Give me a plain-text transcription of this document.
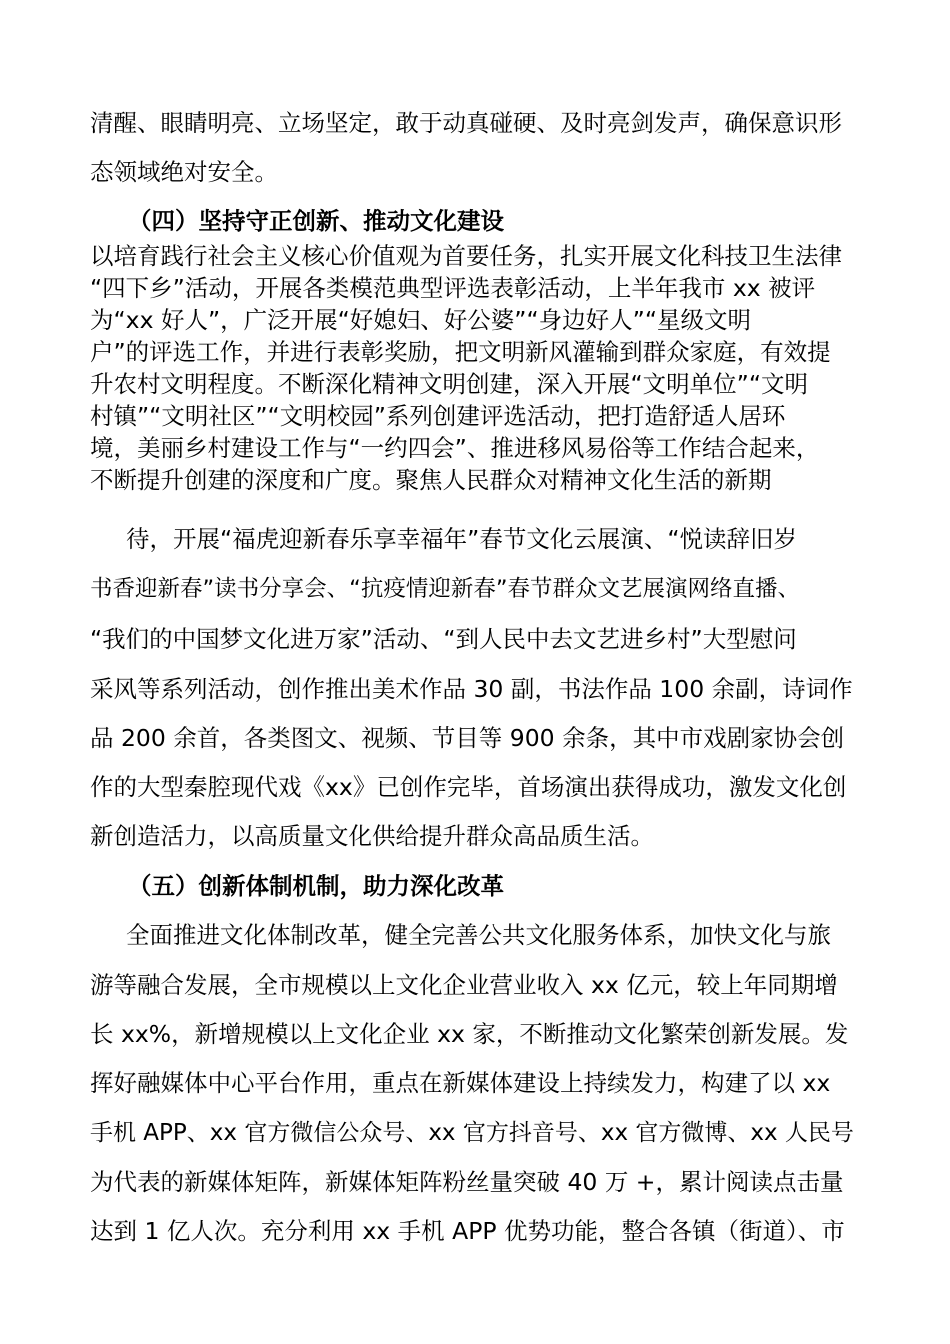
清醒、眼睛明亮、立场坚定，敢于动真碰硬、及时亮剑发声，确保意识形
态领域绝对安全。
（四）坚持守正创新、推动文化建设
以培育践行社会主义核心价值观为首要任务，扎实开展文化科技卫生法律
“四下乡”活动，开展各类模范典型评选表彰活动，上半年我市 xx 被评
为“xx 好人”，广泛开展“好媳妇、好公婆”“身边好人”“星级文明
户”的评选工作，并进行表彰奖励，把文明新风灌输到群众家庭，有效提
升农村文明程度。不断深化精神文明创建，深入开展“文明单位”“文明
村镇”“文明社区”“文明校园”系列创建评选活动，把打造舒适人居环
境，美丽乡村建设工作与“一约四会”、推进移风易俗等工作结合起来，
不断提升创建的深度和广度。聚焦人民群众对精神文化生活的新期
待，开展“福虎迎新春乐享幸福年”春节文化云展演、“悦读辞旧岁
书香迎新春”读书分享会、“抗疫情迎新春”春节群众文艺展演网络直播、
“我们的中国梦文化进万家”活动、“到人民中去文艺进乡村”大型慰问
采风等系列活动，创作推出美术作品 30 副，书法作品 100 余副，诗词作
品 200 余首，各类图文、视频、节目等 900 余条，其中市戏剧家协会创
作的大型秦腔现代戏《xx》已创作完毕，首场演出获得成功，激发文化创
新创造活力，以高质量文化供给提升群众高品质生活。
（五）创新体制机制，助力深化改革
全面推进文化体制改革，健全完善公共文化服务体系，加快文化与旅
游等融合发展，全市规模以上文化企业营业收入 xx 亿元，较上年同期增
长 xx%，新增规模以上文化企业 xx 家，不断推动文化繁荣创新发展。发
挥好融媒体中心平台作用，重点在新媒体建设上持续发力，构建了以 xx
手机 APP、xx 官方微信公众号、xx 官方抖音号、xx 官方微博、xx 人民号
为代表的新媒体矩阵，新媒体矩阵粉丝量突破 40 万 +，累计阅读点击量
达到 1 亿人次。充分利用 xx 手机 APP 优势功能，整合各镇（街道）、市
